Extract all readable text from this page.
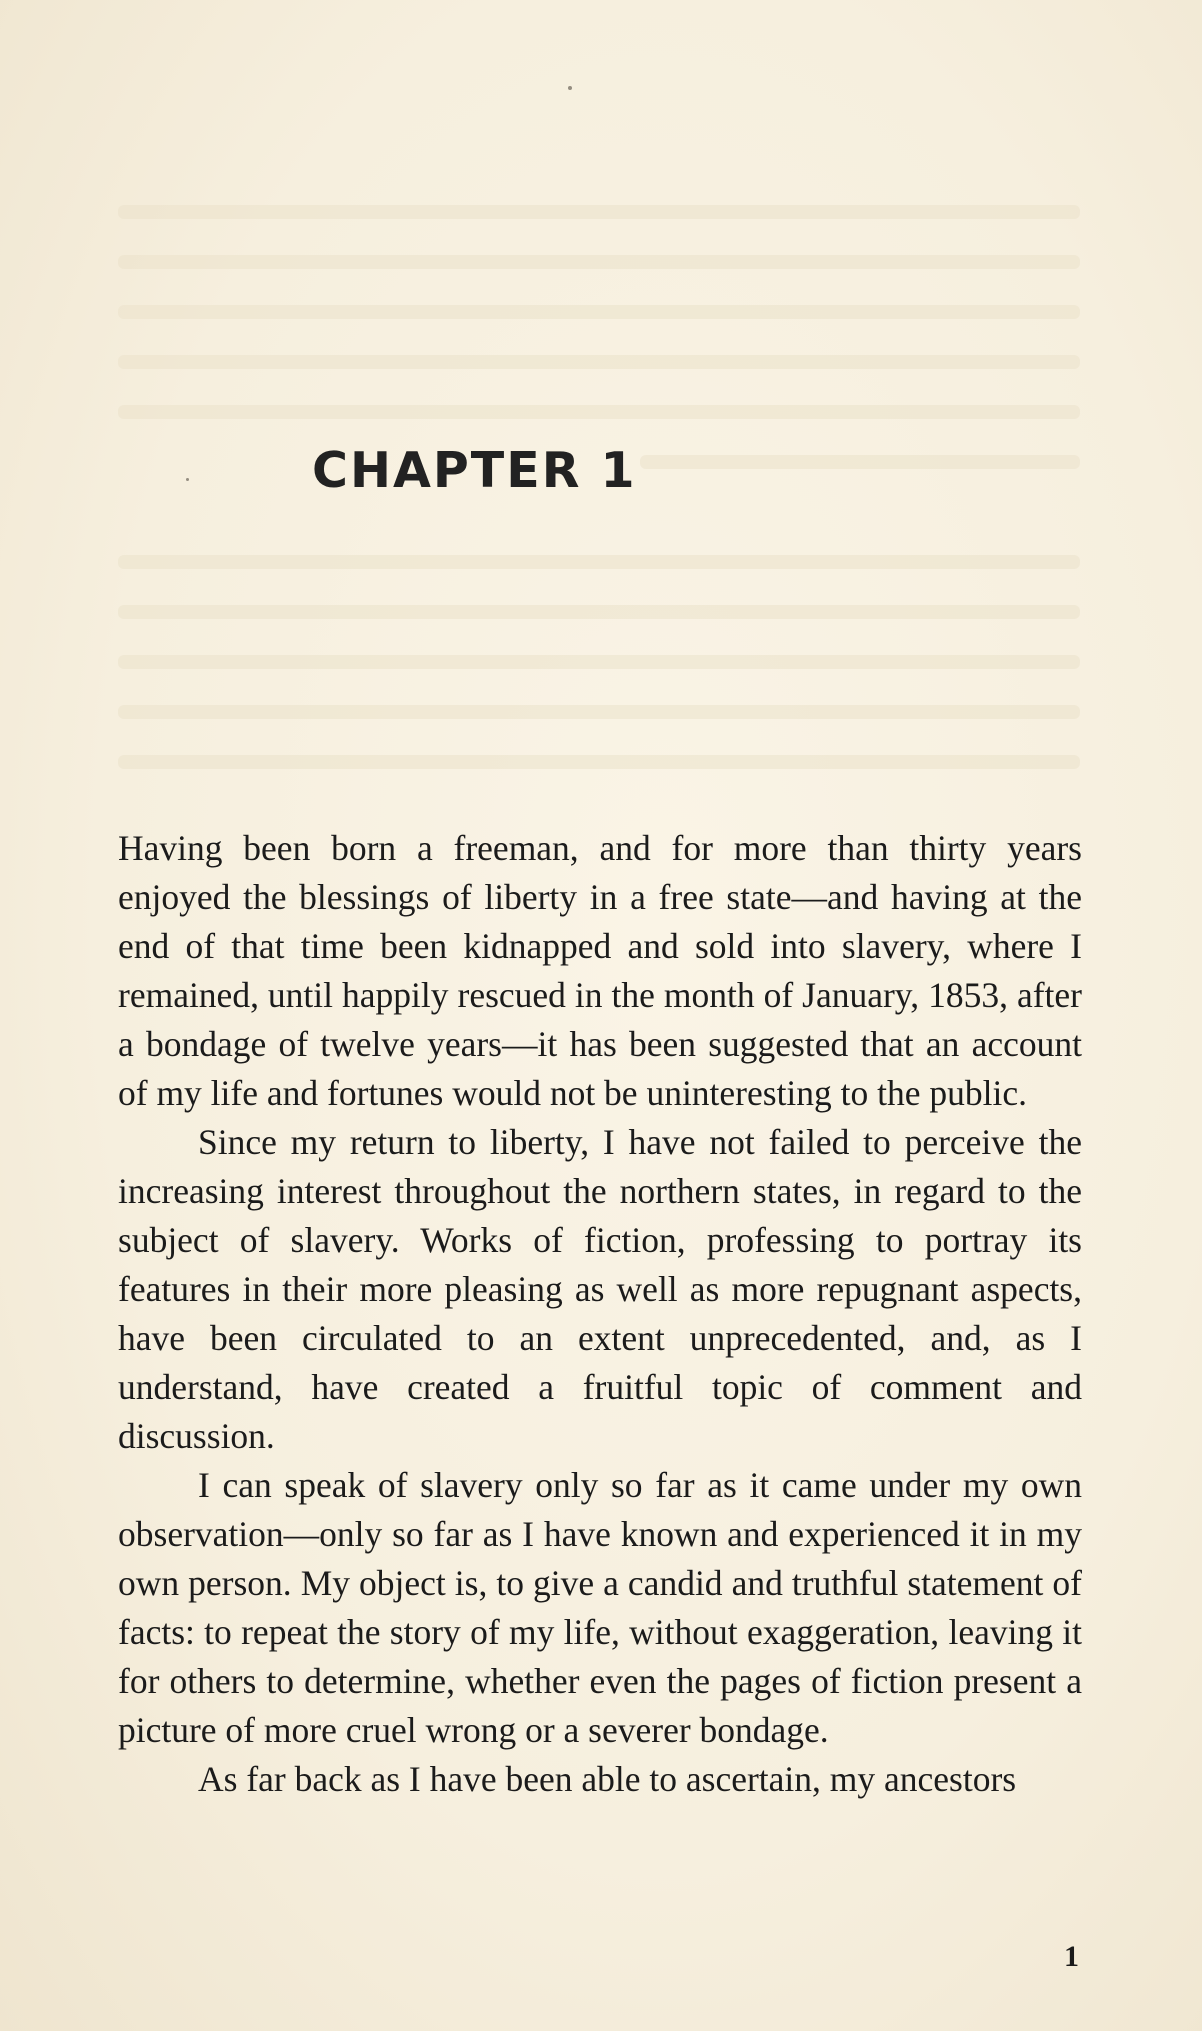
CHAPTER 1

Having been born a freeman, and for more than thirty years enjoyed the blessings of liberty in a free state—and having at the end of that time been kidnapped and sold into slavery, where I remained, until happily rescued in the month of January, 1853, after a bondage of twelve years—it has been suggested that an account of my life and fortunes would not be uninteresting to the public.

Since my return to liberty, I have not failed to perceive the increasing interest throughout the northern states, in regard to the subject of slavery. Works of fiction, professing to portray its features in their more pleasing as well as more repugnant aspects, have been circulated to an extent unprecedented, and, as I understand, have created a fruitful topic of comment and discussion.

I can speak of slavery only so far as it came under my own observation—only so far as I have known and experienced it in my own person. My object is, to give a candid and truthful statement of facts: to repeat the story of my life, without exaggeration, leaving it for others to determine, whether even the pages of fiction present a picture of more cruel wrong or a severer bondage.

As far back as I have been able to ascertain, my ancestors

1
